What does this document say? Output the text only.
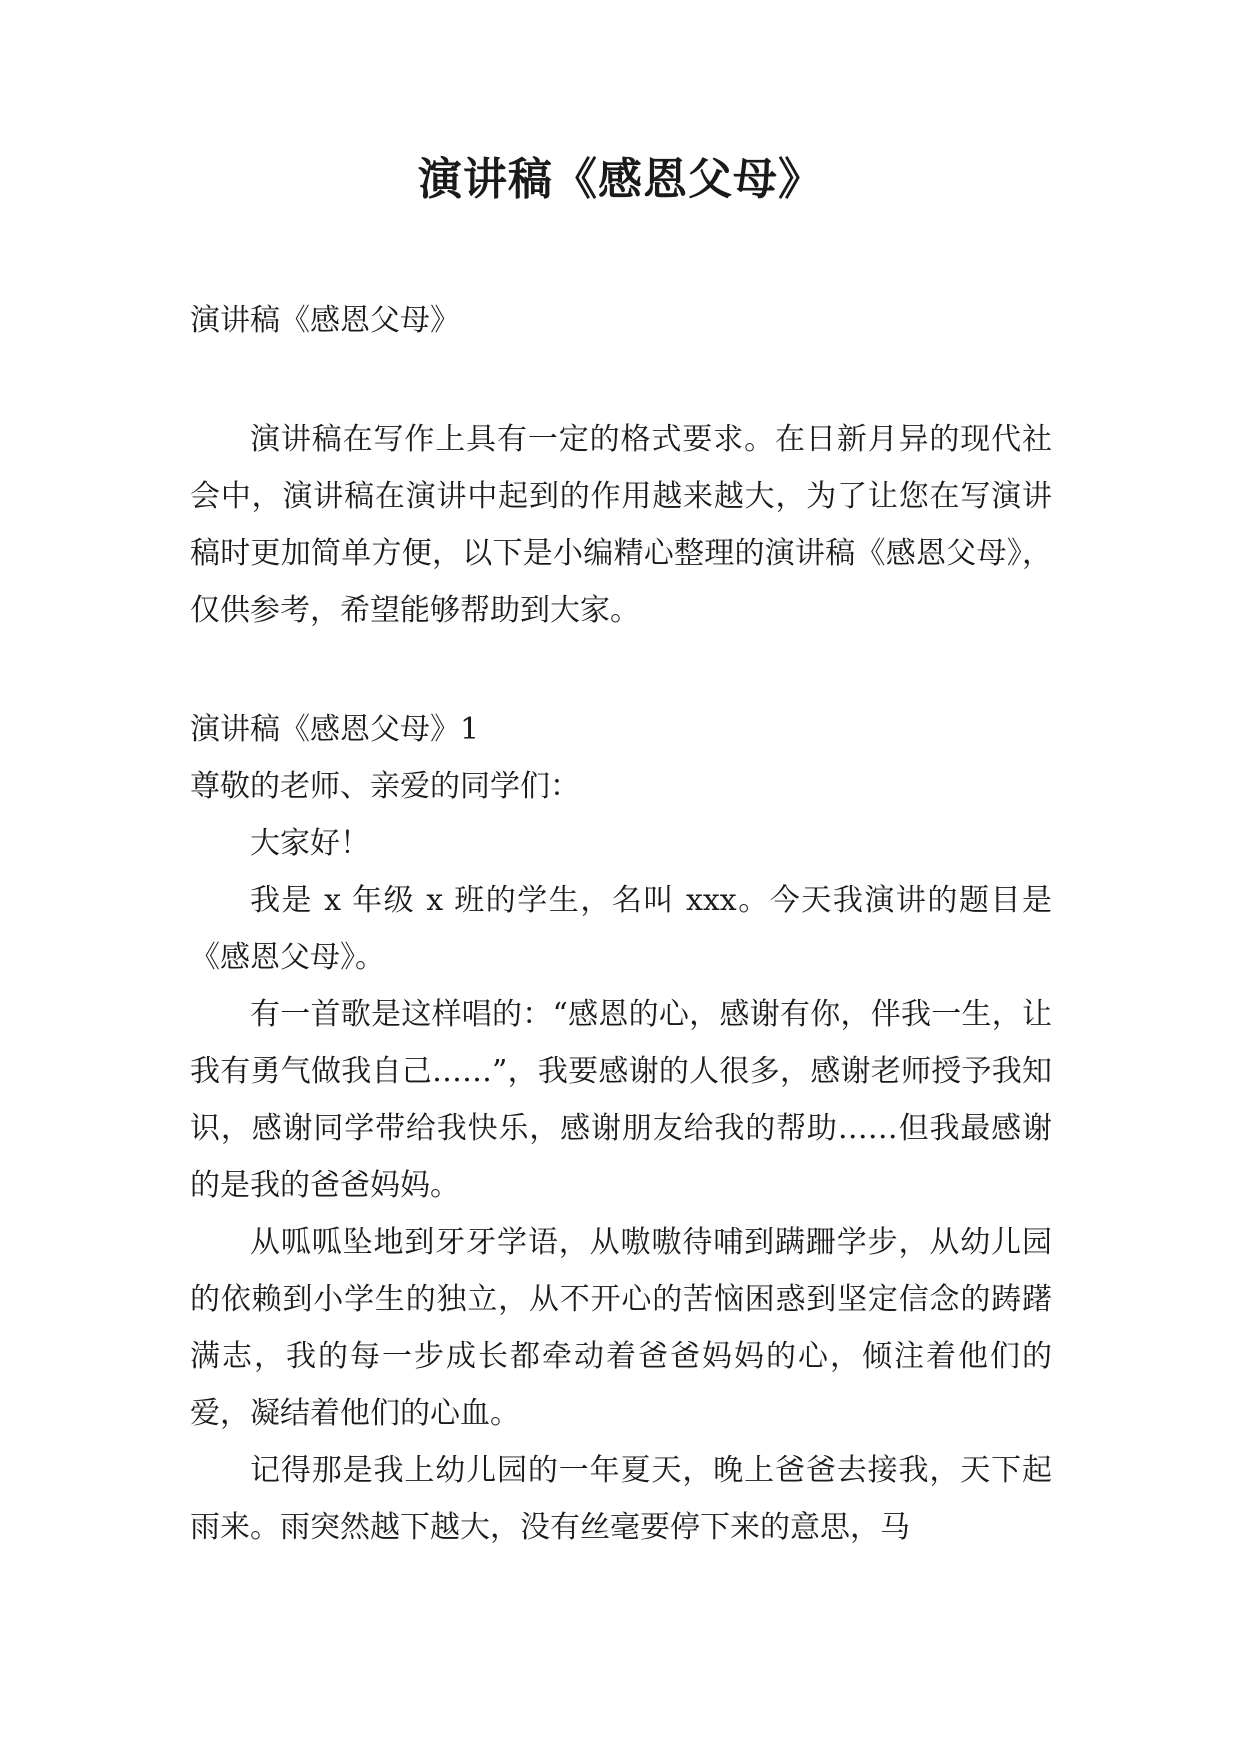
演讲稿《感恩父母》

演讲稿《感恩父母》

演讲稿在写作上具有一定的格式要求。在日新月异的现代社会中，演讲稿在演讲中起到的作用越来越大，为了让您在写演讲稿时更加简单方便，以下是小编精心整理的演讲稿《感恩父母》，仅供参考，希望能够帮助到大家。

演讲稿《感恩父母》1

尊敬的老师、亲爱的同学们：

大家好！

我是 x 年级 x 班的学生，名叫 xxx。今天我演讲的题目是《感恩父母》。

有一首歌是这样唱的：“感恩的心，感谢有你，伴我一生，让我有勇气做我自己……”，我要感谢的人很多，感谢老师授予我知识，感谢同学带给我快乐，感谢朋友给我的帮助……但我最感谢的是我的爸爸妈妈。

从呱呱坠地到牙牙学语，从嗷嗷待哺到蹒跚学步，从幼儿园的依赖到小学生的独立，从不开心的苦恼困惑到坚定信念的踌躇满志，我的每一步成长都牵动着爸爸妈妈的心，倾注着他们的爱，凝结着他们的心血。

记得那是我上幼儿园的一年夏天，晚上爸爸去接我，天下起雨来。雨突然越下越大，没有丝毫要停下来的意思，马
